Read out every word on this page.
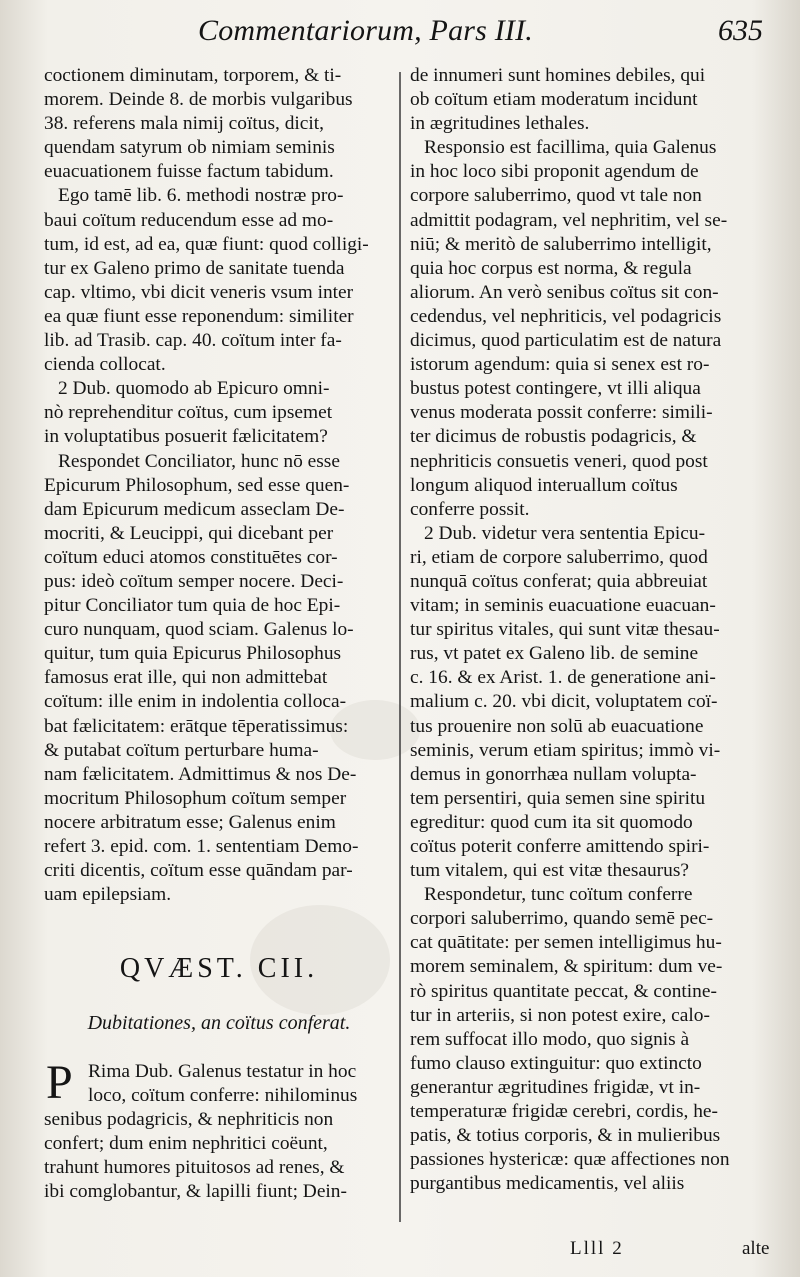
Commentariorum, Pars III.	635
coctionem diminutam, torporem, & ti-
morem. Deinde 8. de morbis vulgaribus
38. referens mala nimij coïtus, dicit,
quendam satyrum ob nimiam seminis
euacuationem fuisse factum tabidum.
Ego tamē lib. 6. methodi nostræ pro-
baui coïtum reducendum esse ad mo-
tum, id est, ad ea, quæ fiunt: quod colligi-
tur ex Galeno primo de sanitate tuenda
cap. vltimo, vbi dicit veneris vsum inter
ea quæ fiunt esse reponendum: similiter
lib. ad Trasib. cap. 40. coïtum inter fa-
cienda collocat.
2 Dub. quomodo ab Epicuro omni-
nò reprehenditur coïtus, cum ipsemet
in voluptatibus posuerit fælicitatem?
Respondet Conciliator, hunc nō esse
Epicurum Philosophum, sed esse quen-
dam Epicurum medicum asseclam De-
mocriti, & Leucippi, qui dicebant per
coïtum educi atomos constituētes cor-
pus: ideò coïtum semper nocere. Deci-
pitur Conciliator tum quia de hoc Epi-
curo nunquam, quod sciam. Galenus lo-
quitur, tum quia Epicurus Philosophus
famosus erat ille, qui non admittebat
coïtum: ille enim in indolentia colloca-
bat fælicitatem: erātque tēperatissimus:
& putabat coïtum perturbare huma-
nam fælicitatem. Admittimus & nos De-
mocritum Philosophum coïtum semper
nocere arbitratum esse; Galenus enim
refert 3. epid. com. 1. sententiam Demo-
criti dicentis, coïtum esse quāndam par-
uam epilepsiam.
de innumeri sunt homines debiles, qui
ob coïtum etiam moderatum incidunt
in ægritudines lethales.
Responsio est facillima, quia Galenus
in hoc loco sibi proponit agendum de
corpore saluberrimo, quod vt tale non
admittit podagram, vel nephritim, vel se-
niū; & meritò de saluberrimo intelligit,
quia hoc corpus est norma, & regula
aliorum. An verò senibus coïtus sit con-
cedendus, vel nephriticis, vel podagricis
dicimus, quod particulatim est de natura
istorum agendum: quia si senex est ro-
bustus potest contingere, vt illi aliqua
venus moderata possit conferre: simili-
ter dicimus de robustis podagricis, &
nephriticis consuetis veneri, quod post
longum aliquod interuallum coïtus
conferre possit.
2 Dub. videtur vera sententia Epicu-
ri, etiam de corpore saluberrimo, quod
nunquā coïtus conferat; quia abbreuiat
vitam; in seminis euacuatione euacuan-
tur spiritus vitales, qui sunt vitæ thesau-
rus, vt patet ex Galeno lib. de semine
c. 16. & ex Arist. 1. de generatione ani-
malium c. 20. vbi dicit, voluptatem coï-
tus prouenire non solū ab euacuatione
seminis, verum etiam spiritus; immò vi-
demus in gonorrhæa nullam volupta-
tem persentiri, quia semen sine spiritu
egreditur: quod cum ita sit quomodo
coïtus poterit conferre amittendo spiri-
tum vitalem, qui est vitæ thesaurus?
Respondetur, tunc coïtum conferre
corpori saluberrimo, quando semē pec-
cat quātitate: per semen intelligimus hu-
morem seminalem, & spiritum: dum ve-
rò spiritus quantitate peccat, & contine-
tur in arteriis, si non potest exire, calo-
rem suffocat illo modo, quo signis à
fumo clauso extinguitur: quo extincto
generantur ægritudines frigidæ, vt in-
temperaturæ frigidæ cerebri, cordis, he-
patis, & totius corporis, & in mulieribus
passiones hystericæ: quæ affectiones non
purgantibus medicamentis, vel aliis
QVÆST. CII.
Dubitationes, an coïtus conferat.
P Rima Dub. Galenus testatur in hoc
loco, coïtum conferre: nihilominus
senibus podagricis, & nephriticis non
confert; dum enim nephritici coëunt,
trahunt humores pituitosos ad renes, &
ibi comglobantur, & lapilli fiunt; Dein-
Llll 2	alte
